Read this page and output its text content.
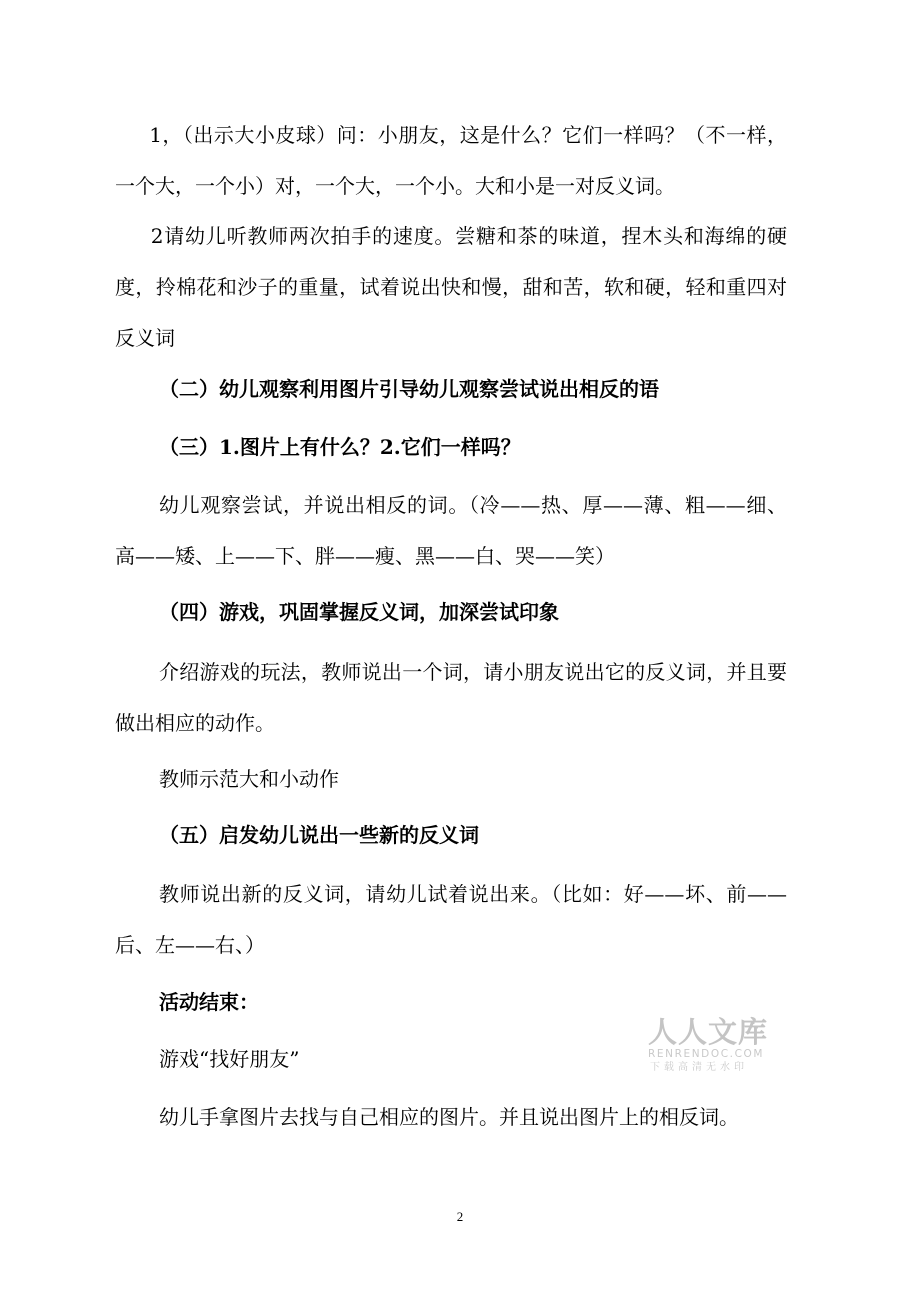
1，（出示大小皮球）问：小朋友，这是什么？它们一样吗？（不一样，一个大，一个小）对，一个大，一个小。大和小是一对反义词。

2请幼儿听教师两次拍手的速度。尝糖和茶的味道，捏木头和海绵的硬度，拎棉花和沙子的重量，试着说出快和慢，甜和苦，软和硬，轻和重四对反义词

（二）幼儿观察利用图片引导幼儿观察尝试说出相反的语

（三）1.图片上有什么？2.它们一样吗？

幼儿观察尝试，并说出相反的词。（冷——热、厚——薄、粗——细、高——矮、上——下、胖——瘦、黑——白、哭——笑）

（四）游戏，巩固掌握反义词，加深尝试印象

介绍游戏的玩法，教师说出一个词，请小朋友说出它的反义词，并且要做出相应的动作。

教师示范大和小动作

（五）启发幼儿说出一些新的反义词

教师说出新的反义词，请幼儿试着说出来。（比如：好——坏、前——后、左——右、）

活动结束：

游戏“找好朋友”

幼儿手拿图片去找与自己相应的图片。并且说出图片上的相反词。

人人文库
RENRENDOC.COM
下载高清无水印
2
